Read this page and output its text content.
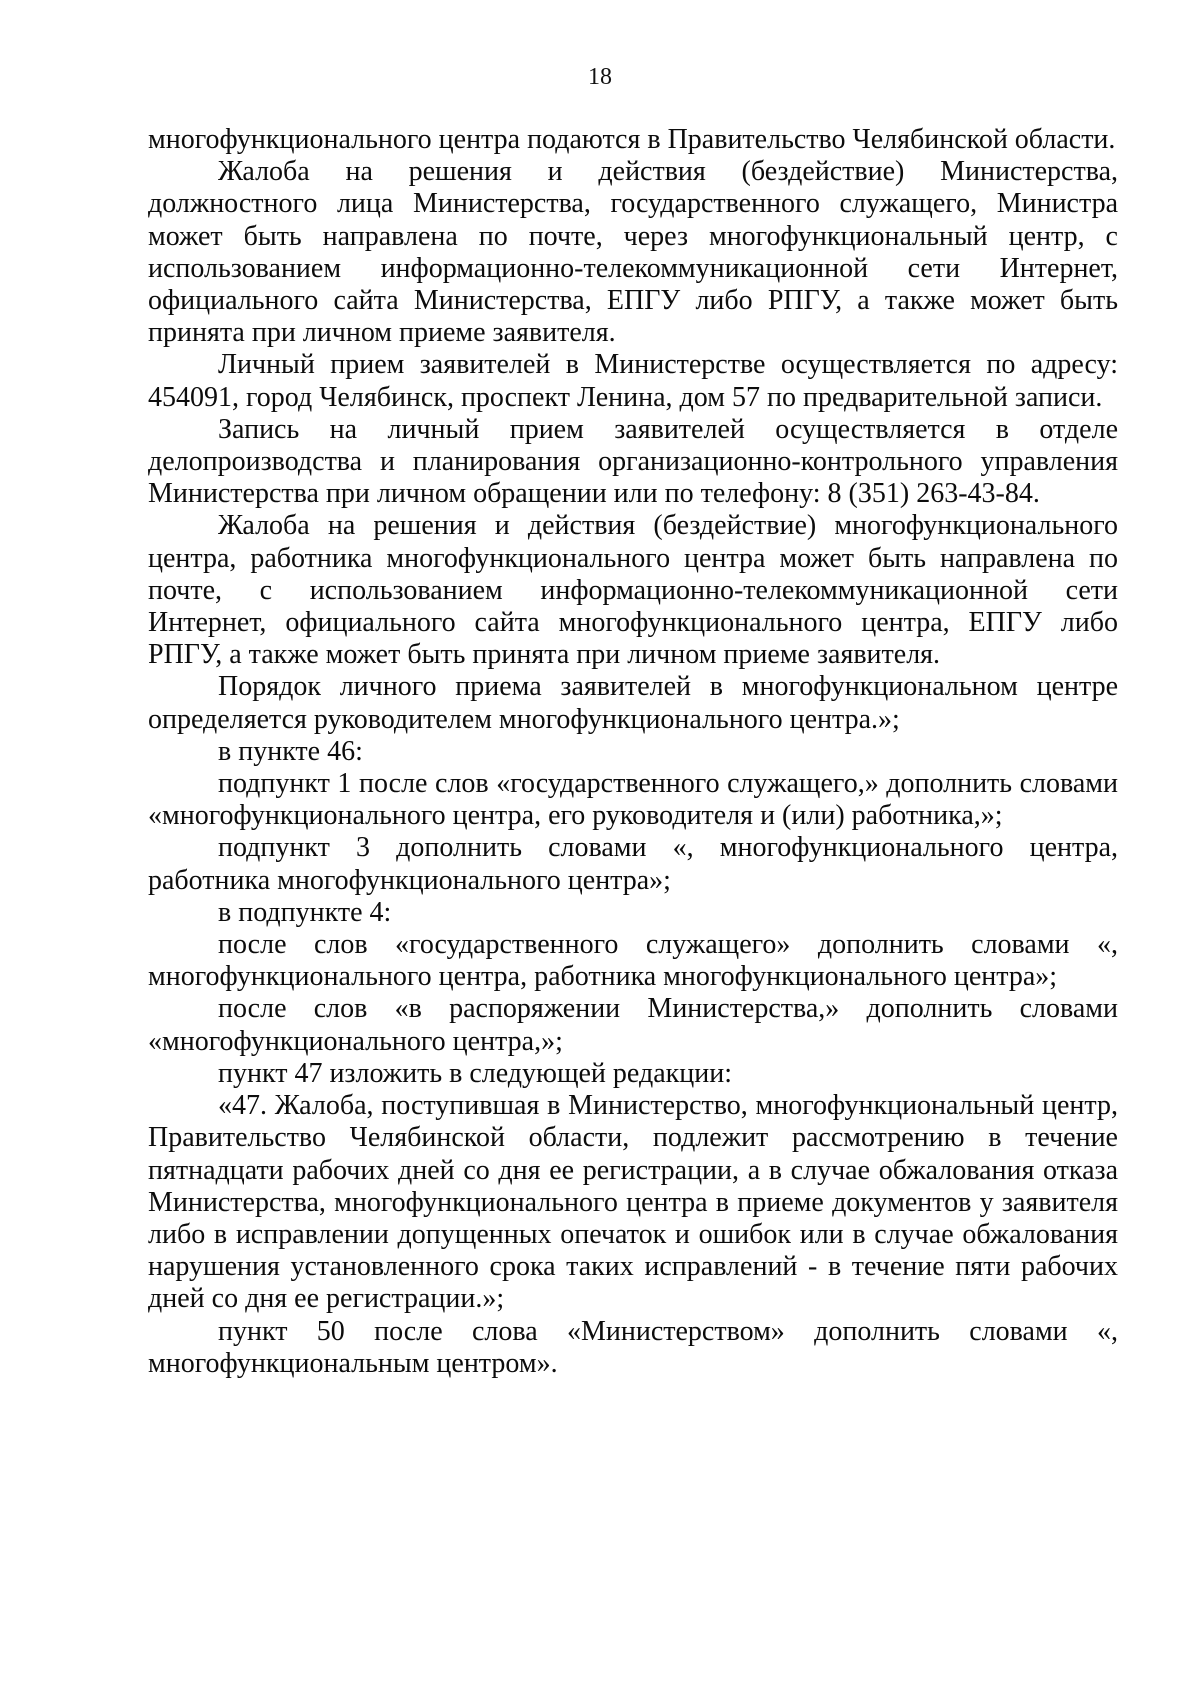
18

многофункционального центра подаются в Правительство Челябинской области.

Жалоба на решения и действия (бездействие) Министерства, должностного лица Министерства, государственного служащего, Министра может быть направлена по почте, через многофункциональный центр, с использованием информационно-телекоммуникационной сети Интернет, официального сайта Министерства, ЕПГУ либо РПГУ, а также может быть принята при личном приеме заявителя.

Личный прием заявителей в Министерстве осуществляется по адресу: 454091, город Челябинск, проспект Ленина, дом 57 по предварительной записи.

Запись на личный прием заявителей осуществляется в отделе делопроизводства и планирования организационно-контрольного управления Министерства при личном обращении или по телефону: 8 (351) 263-43-84.

Жалоба на решения и действия (бездействие) многофункционального центра, работника многофункционального центра может быть направлена по почте, с использованием информационно-телекоммуникационной сети Интернет, официального сайта многофункционального центра, ЕПГУ либо РПГУ, а также может быть принята при личном приеме заявителя.

Порядок личного приема заявителей в многофункциональном центре определяется руководителем многофункционального центра.»;

в пункте 46:

подпункт 1 после слов «государственного служащего,» дополнить словами «многофункционального центра, его руководителя и (или) работника,»;

подпункт 3 дополнить словами «, многофункционального центра, работника многофункционального центра»;

в подпункте 4:

после слов «государственного служащего» дополнить словами «, многофункционального центра, работника многофункционального центра»;

после слов «в распоряжении Министерства,» дополнить словами «многофункционального центра,»;

пункт 47 изложить в следующей редакции:

«47. Жалоба, поступившая в Министерство, многофункциональный центр, Правительство Челябинской области, подлежит рассмотрению в течение пятнадцати рабочих дней со дня ее регистрации, а в случае обжалования отказа Министерства, многофункционального центра в приеме документов у заявителя либо в исправлении допущенных опечаток и ошибок или в случае обжалования нарушения установленного срока таких исправлений - в течение пяти рабочих дней со дня ее регистрации.»;

пункт 50 после слова «Министерством» дополнить словами «, многофункциональным центром».
